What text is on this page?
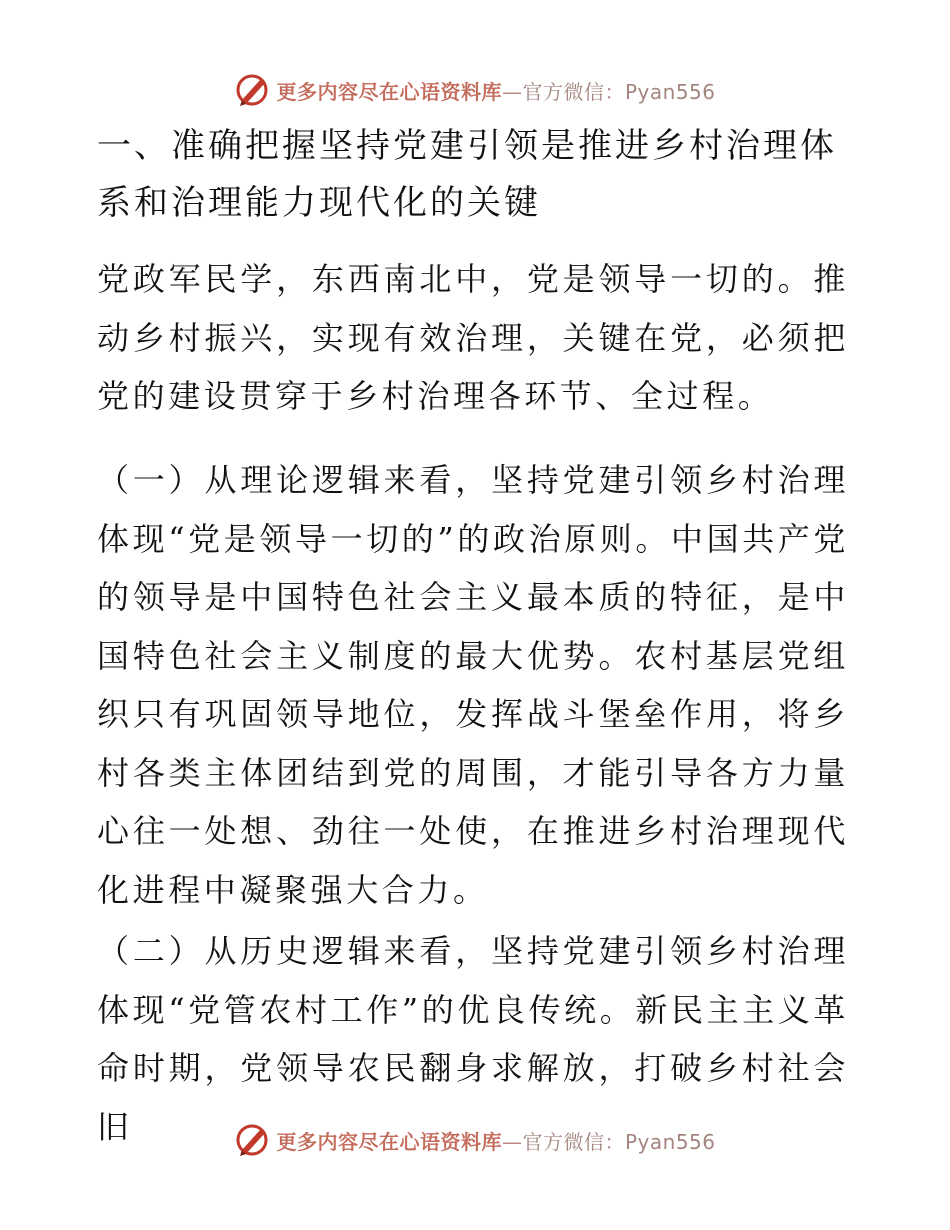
更多内容尽在心语资料库—官方微信：Pyan556
一、准确把握坚持党建引领是推进乡村治理体系和治理能力现代化的关键

党政军民学，东西南北中，党是领导一切的。推动乡村振兴，实现有效治理，关键在党，必须把党的建设贯穿于乡村治理各环节、全过程。

（一）从理论逻辑来看，坚持党建引领乡村治理体现“党是领导一切的”的政治原则。中国共产党的领导是中国特色社会主义最本质的特征，是中国特色社会主义制度的最大优势。农村基层党组织只有巩固领导地位，发挥战斗堡垒作用，将乡村各类主体团结到党的周围，才能引导各方力量心往一处想、劲往一处使，在推进乡村治理现代化进程中凝聚强大合力。

（二）从历史逻辑来看，坚持党建引领乡村治理体现“党管农村工作”的优良传统。新民主主义革命时期，党领导农民翻身求解放，打破乡村社会旧	更多内容尽在心语资料库—官方微信：Pyan556
